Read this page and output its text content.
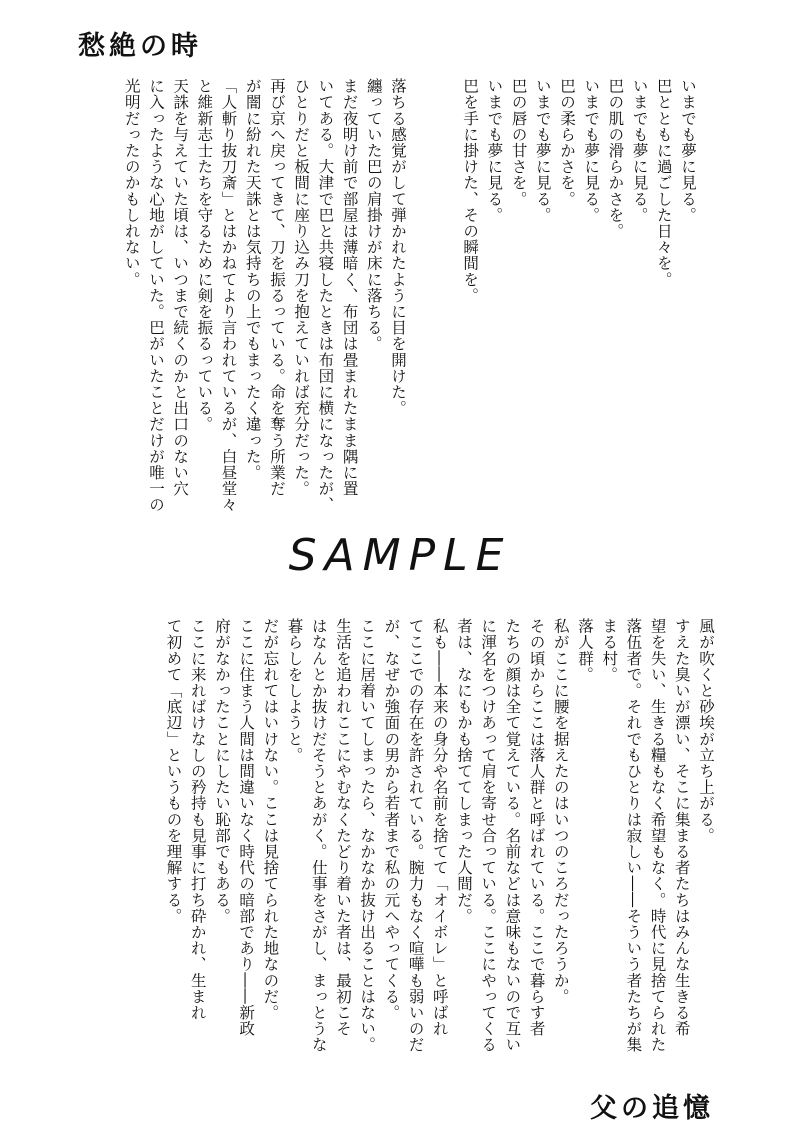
愁絶の時
いまでも夢に見る。
巴とともに過ごした日々を。
いまでも夢に見る。
巴の肌の滑らかさを。
いまでも夢に見る。
巴の柔らかさを。
いまでも夢に見る。
巴の唇の甘さを。
いまでも夢に見る。
巴を手に掛けた、その瞬間を。
落ちる感覚がして弾かれたように目を開けた。
纏っていた巴の肩掛けが床に落ちる。
まだ夜明け前で部屋は薄暗く、布団は畳まれたまま隅に置
いてある。大津で巴と共寝したときは布団に横になったが、
ひとりだと板間に座り込み刀を抱えていれば充分だった。
再び京へ戻ってきて、刀を振るっている。命を奪う所業だ
が闇に紛れた天誅とは気持ちの上でもまったく違った。
「人斬り抜刀斎」とはかねてより言われているが、白昼堂々
と維新志士たちを守るために剣を振るっている。
天誅を与えていた頃は、いつまで続くのかと出口のない穴
に入ったような心地がしていた。巴がいたことだけが唯一の
光明だったのかもしれない。
SAMPLE
風が吹くと砂埃が立ち上がる。
すえた臭いが漂い、そこに集まる者たちはみんな生きる希
望を失い、生きる糧もなく希望もなく。時代に見捨てられた
落伍者で。それでもひとりは寂しい――そういう者たちが集
まる村。
落人群。
私がここに腰を据えたのはいつのころだったろうか。
その頃からここは落人群と呼ばれている。ここで暮らす者
たちの顔は全て覚えている。名前などは意味もないので互い
に渾名をつけあって肩を寄せ合っている。ここにやってくる
者は、なにもかも捨ててしまった人間だ。
私も――本来の身分や名前を捨てて「オイボレ」と呼ばれ
てここでの存在を許されている。腕力もなく喧嘩も弱いのだ
が、なぜか強面の男から若者まで私の元へやってくる。
ここに居着いてしまったら、なかなか抜け出ることはない。
生活を追われここにやむなくたどり着いた者は、最初こそ
はなんとか抜けだそうとあがく。仕事をさがし、まっとうな
暮らしをしようと。
だが忘れてはいけない。ここは見捨てられた地なのだ。
ここに住まう人間は間違いなく時代の暗部であり――新政
府がなかったことにしたい恥部でもある。
ここに来ればけなしの矜持も見事に打ち砕かれ、生まれ
て初めて「底辺」というものを理解する。
父の追憶
